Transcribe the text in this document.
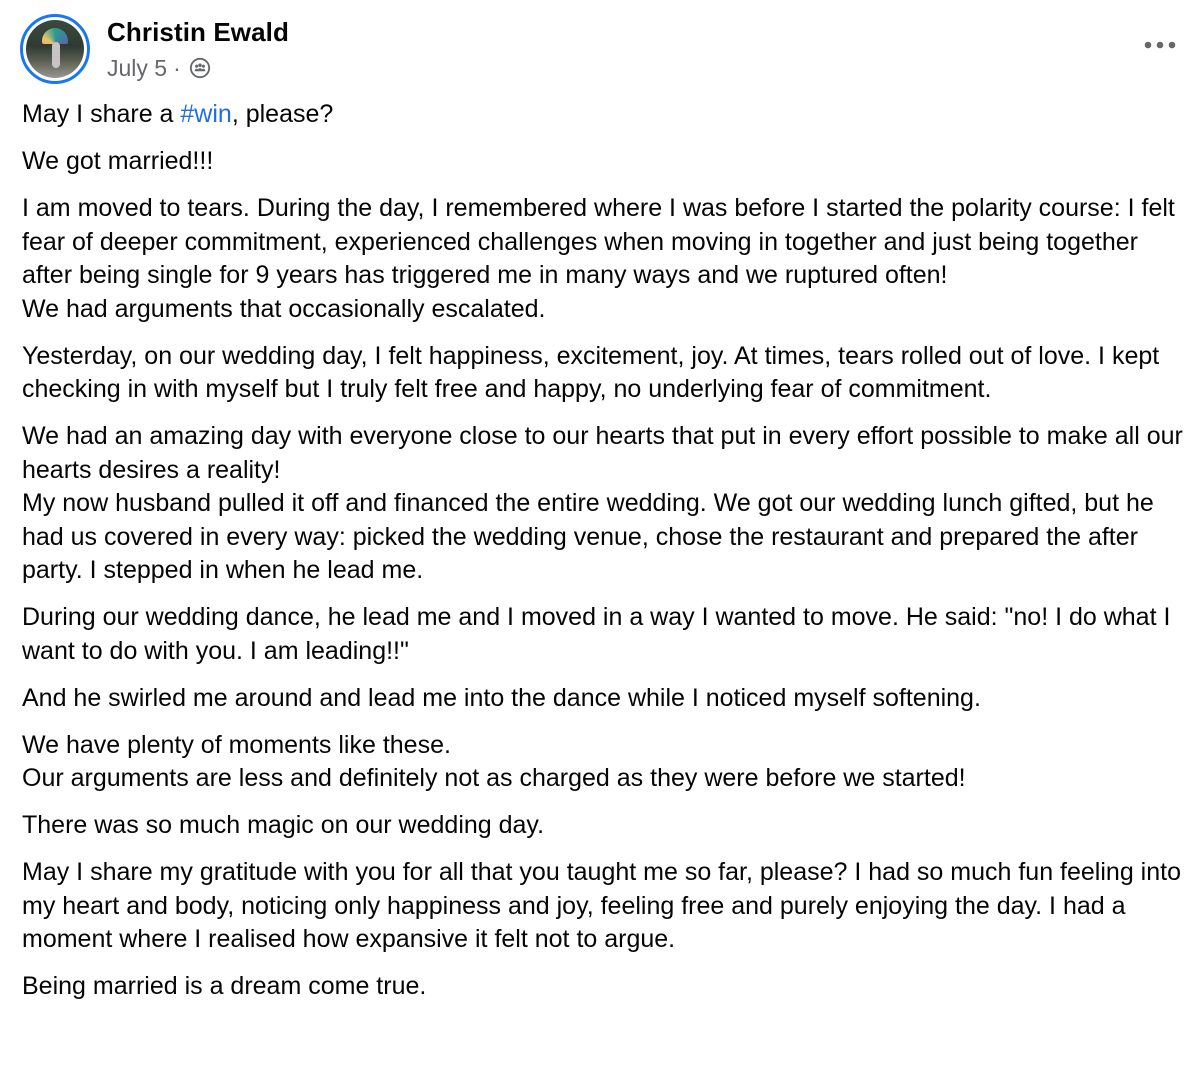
Christin Ewald
July 5 ·

May I share a #win, please?

We got married!!!

I am moved to tears. During the day, I remembered where I was before I started the polarity course: I felt fear of deeper commitment, experienced challenges when moving in together and just being together after being single for 9 years has triggered me in many ways and we ruptured often!
We had arguments that occasionally escalated.

Yesterday, on our wedding day, I felt happiness, excitement, joy. At times, tears rolled out of love. I kept checking in with myself but I truly felt free and happy, no underlying fear of commitment.

We had an amazing day with everyone close to our hearts that put in every effort possible to make all our hearts desires a reality!
My now husband pulled it off and financed the entire wedding. We got our wedding lunch gifted, but he had us covered in every way: picked the wedding venue, chose the restaurant and prepared the after party. I stepped in when he lead me.

During our wedding dance, he lead me and I moved in a way I wanted to move. He said: "no! I do what I want to do with you. I am leading!!"

And he swirled me around and lead me into the dance while I noticed myself softening.

We have plenty of moments like these.
Our arguments are less and definitely not as charged as they were before we started!

There was so much magic on our wedding day.

May I share my gratitude with you for all that you taught me so far, please? I had so much fun feeling into my heart and body, noticing only happiness and joy, feeling free and purely enjoying the day. I had a moment where I realised how expansive it felt not to argue.

Being married is a dream come true.
